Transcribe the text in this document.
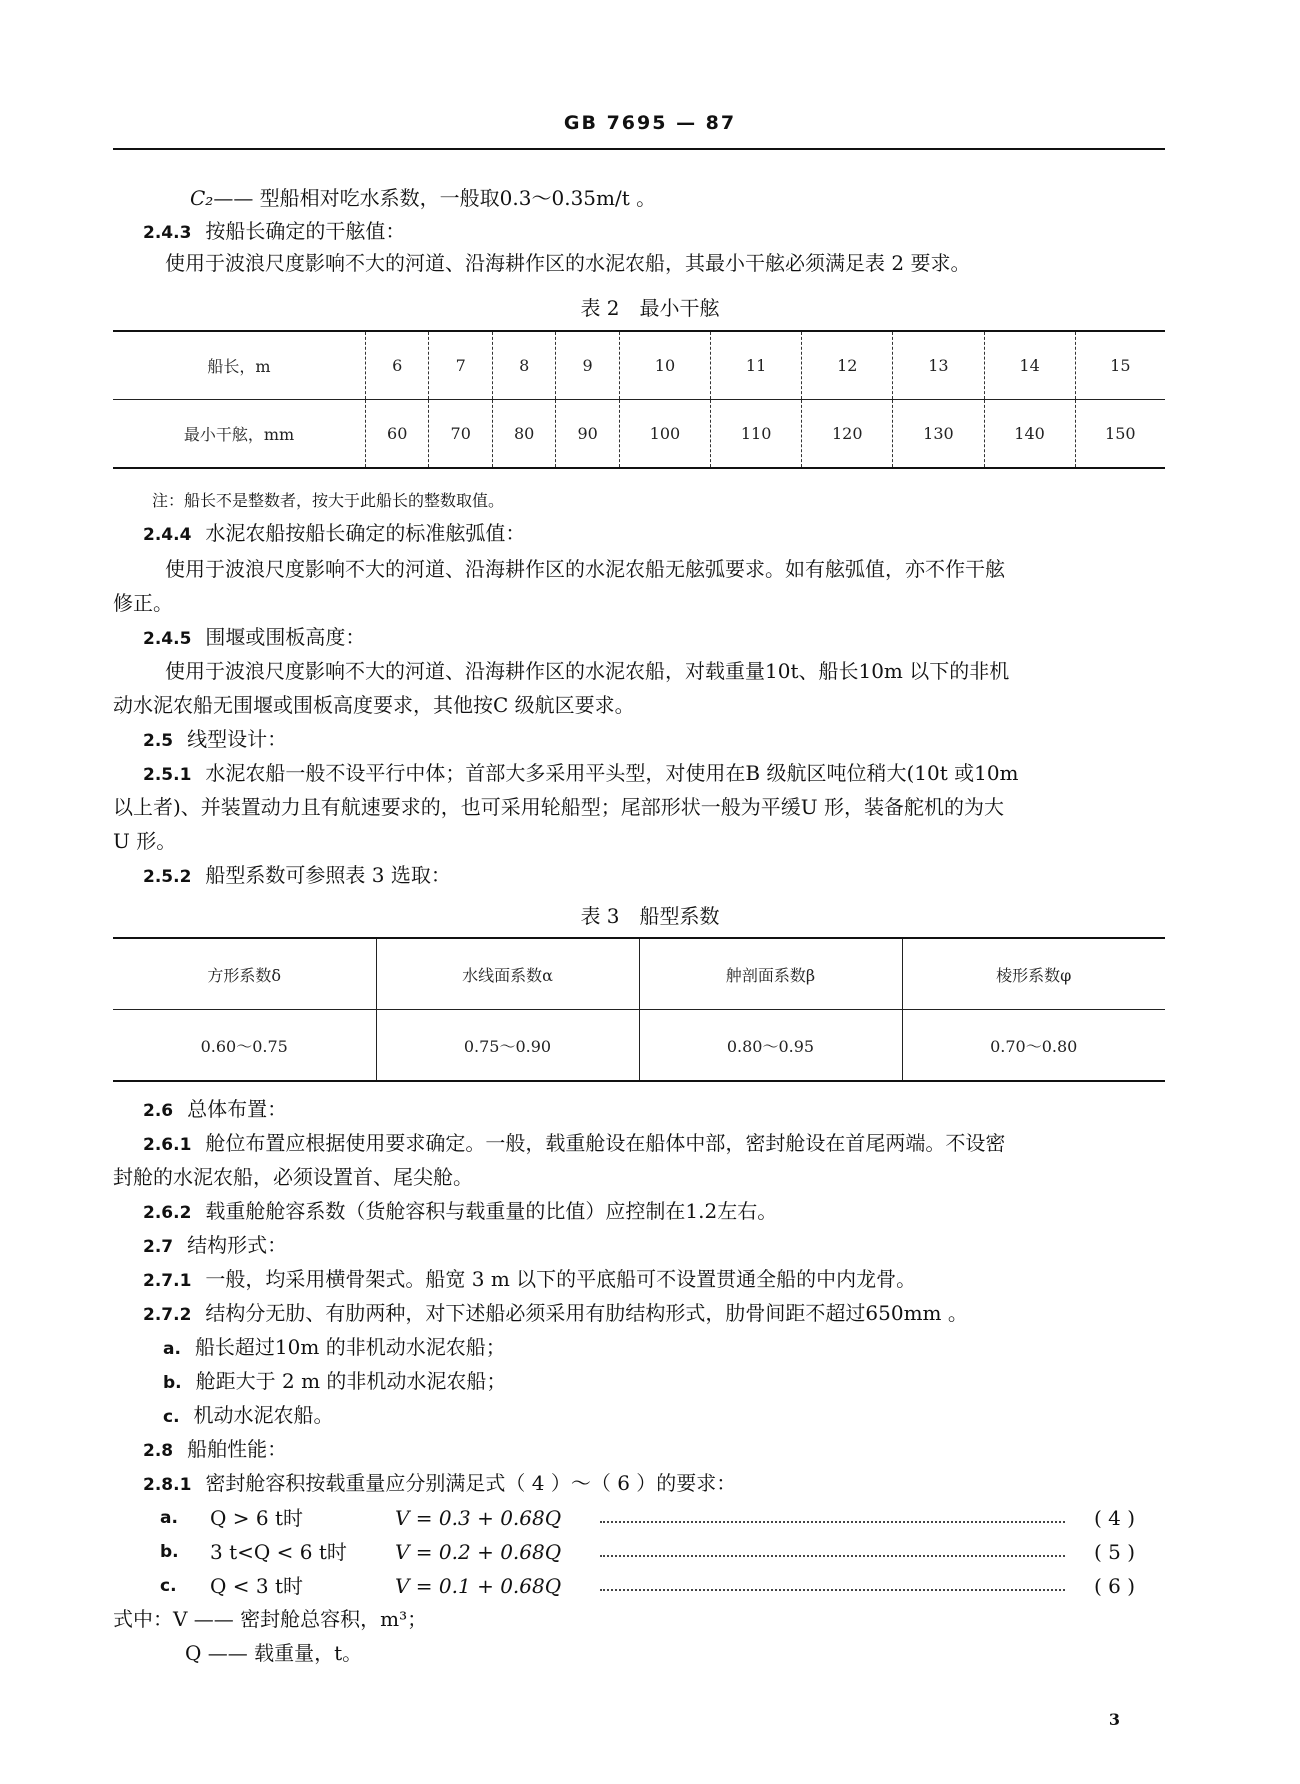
GB 7695 — 87
C₂—— 型船相对吃水系数，一般取0.3～0.35m/t 。
2.4.3 按船长确定的干舷值：
使用于波浪尺度影响不大的河道、沿海耕作区的水泥农船，其最小干舷必须满足表 2 要求。
表 2　最小干舷
船长，m	6	7	8	9	10	11	12	13	14	15
最小干舷，mm	60	70	80	90	100	110	120	130	140	150
注：船长不是整数者，按大于此船长的整数取值。
2.4.4 水泥农船按船长确定的标准舷弧值：
使用于波浪尺度影响不大的河道、沿海耕作区的水泥农船无舷弧要求。如有舷弧值，亦不作干舷
修正。
2.4.5 围堰或围板高度：
使用于波浪尺度影响不大的河道、沿海耕作区的水泥农船，对载重量10t、船长10m 以下的非机
动水泥农船无围堰或围板高度要求，其他按C 级航区要求。
2.5 线型设计：
2.5.1 水泥农船一般不设平行中体；首部大多采用平头型，对使用在B 级航区吨位稍大(10t 或10m
以上者)、并装置动力且有航速要求的，也可采用轮船型；尾部形状一般为平缓U 形，装备舵机的为大
U 形。
2.5.2 船型系数可参照表 3 选取：
表 3　船型系数
方形系数δ	水线面系数α	舯剖面系数β	棱形系数φ
0.60～0.75	0.75～0.90	0.80～0.95	0.70～0.80
2.6 总体布置：
2.6.1 舱位布置应根据使用要求确定。一般，载重舱设在船体中部，密封舱设在首尾两端。不设密
封舱的水泥农船，必须设置首、尾尖舱。
2.6.2 载重舱舱容系数（货舱容积与载重量的比值）应控制在1.2左右。
2.7 结构形式：
2.7.1 一般，均采用横骨架式。船宽 3 m 以下的平底船可不设置贯通全船的中内龙骨。
2.7.2 结构分无肋、有肋两种，对下述船必须采用有肋结构形式，肋骨间距不超过650mm 。
a. 船长超过10m 的非机动水泥农船；
b. 舱距大于 2 m 的非机动水泥农船；
c. 机动水泥农船。
2.8 船舶性能：
2.8.1 密封舱容积按载重量应分别满足式（ 4 ）～（ 6 ）的要求：
a. Q > 6 t时	V = 0.3 + 0.68Q	( 4 )
b. 3 t<Q < 6 t时 V = 0.2 + 0.68Q	( 5 )
c. Q < 3 t时	V = 0.1 + 0.68Q	( 6 )
式中：V —— 密封舱总容积，m³；
Q —— 载重量，t。
3
